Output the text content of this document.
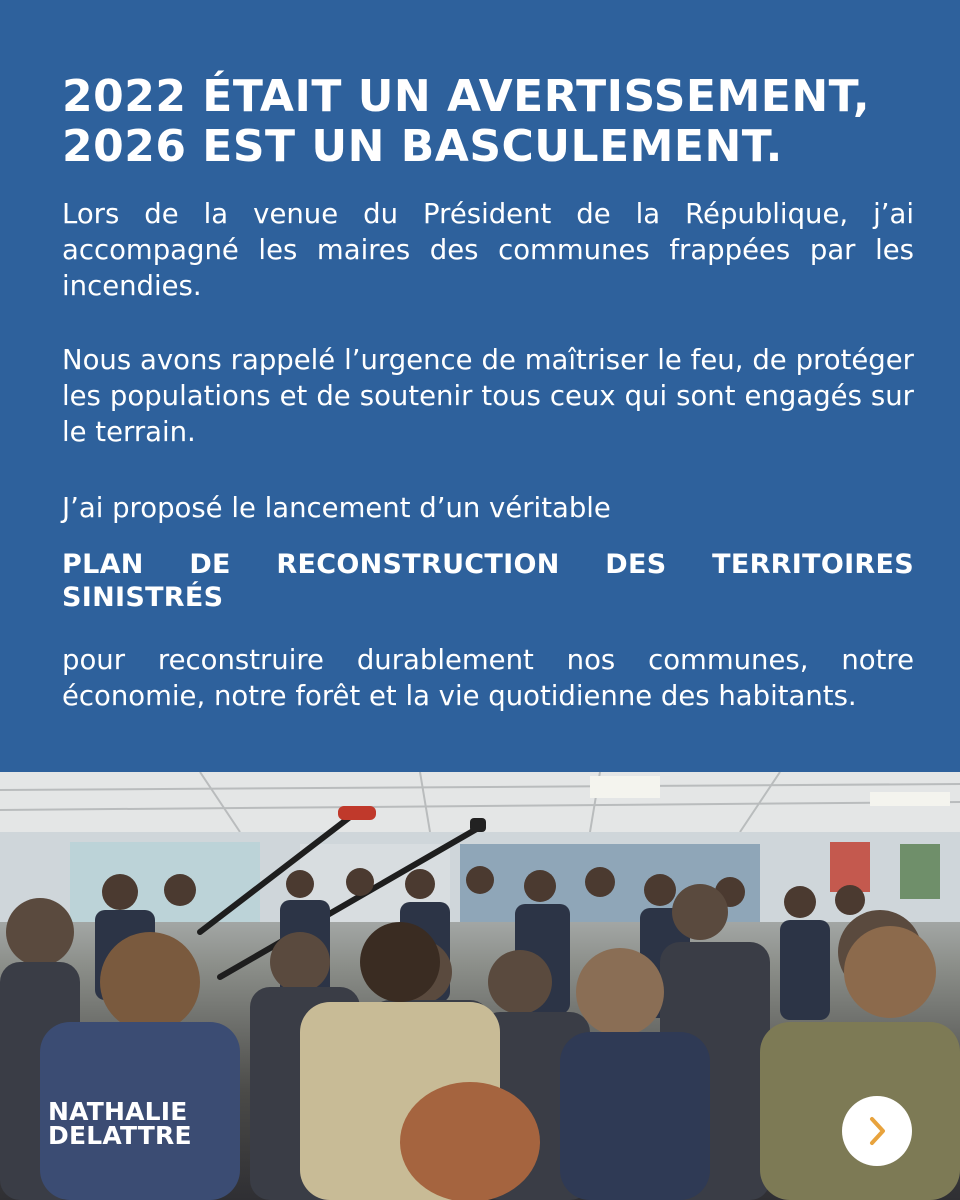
2022 ÉTAIT UN AVERTISSEMENT,
2026 EST UN BASCULEMENT.

Lors de la venue du Président de la République, j’ai accompagné les maires des communes frappées par les incendies.

Nous avons rappelé l’urgence de maîtriser le feu, de protéger les populations et de soutenir tous ceux qui sont engagés sur le terrain.

J’ai proposé le lancement d’un véritable

PLAN DE RECONSTRUCTION DES TERRITOIRES SINISTRÉS

pour reconstruire durablement nos communes, notre économie, notre forêt et la vie quotidienne des habitants.

NATHALIE
DELATTRE
